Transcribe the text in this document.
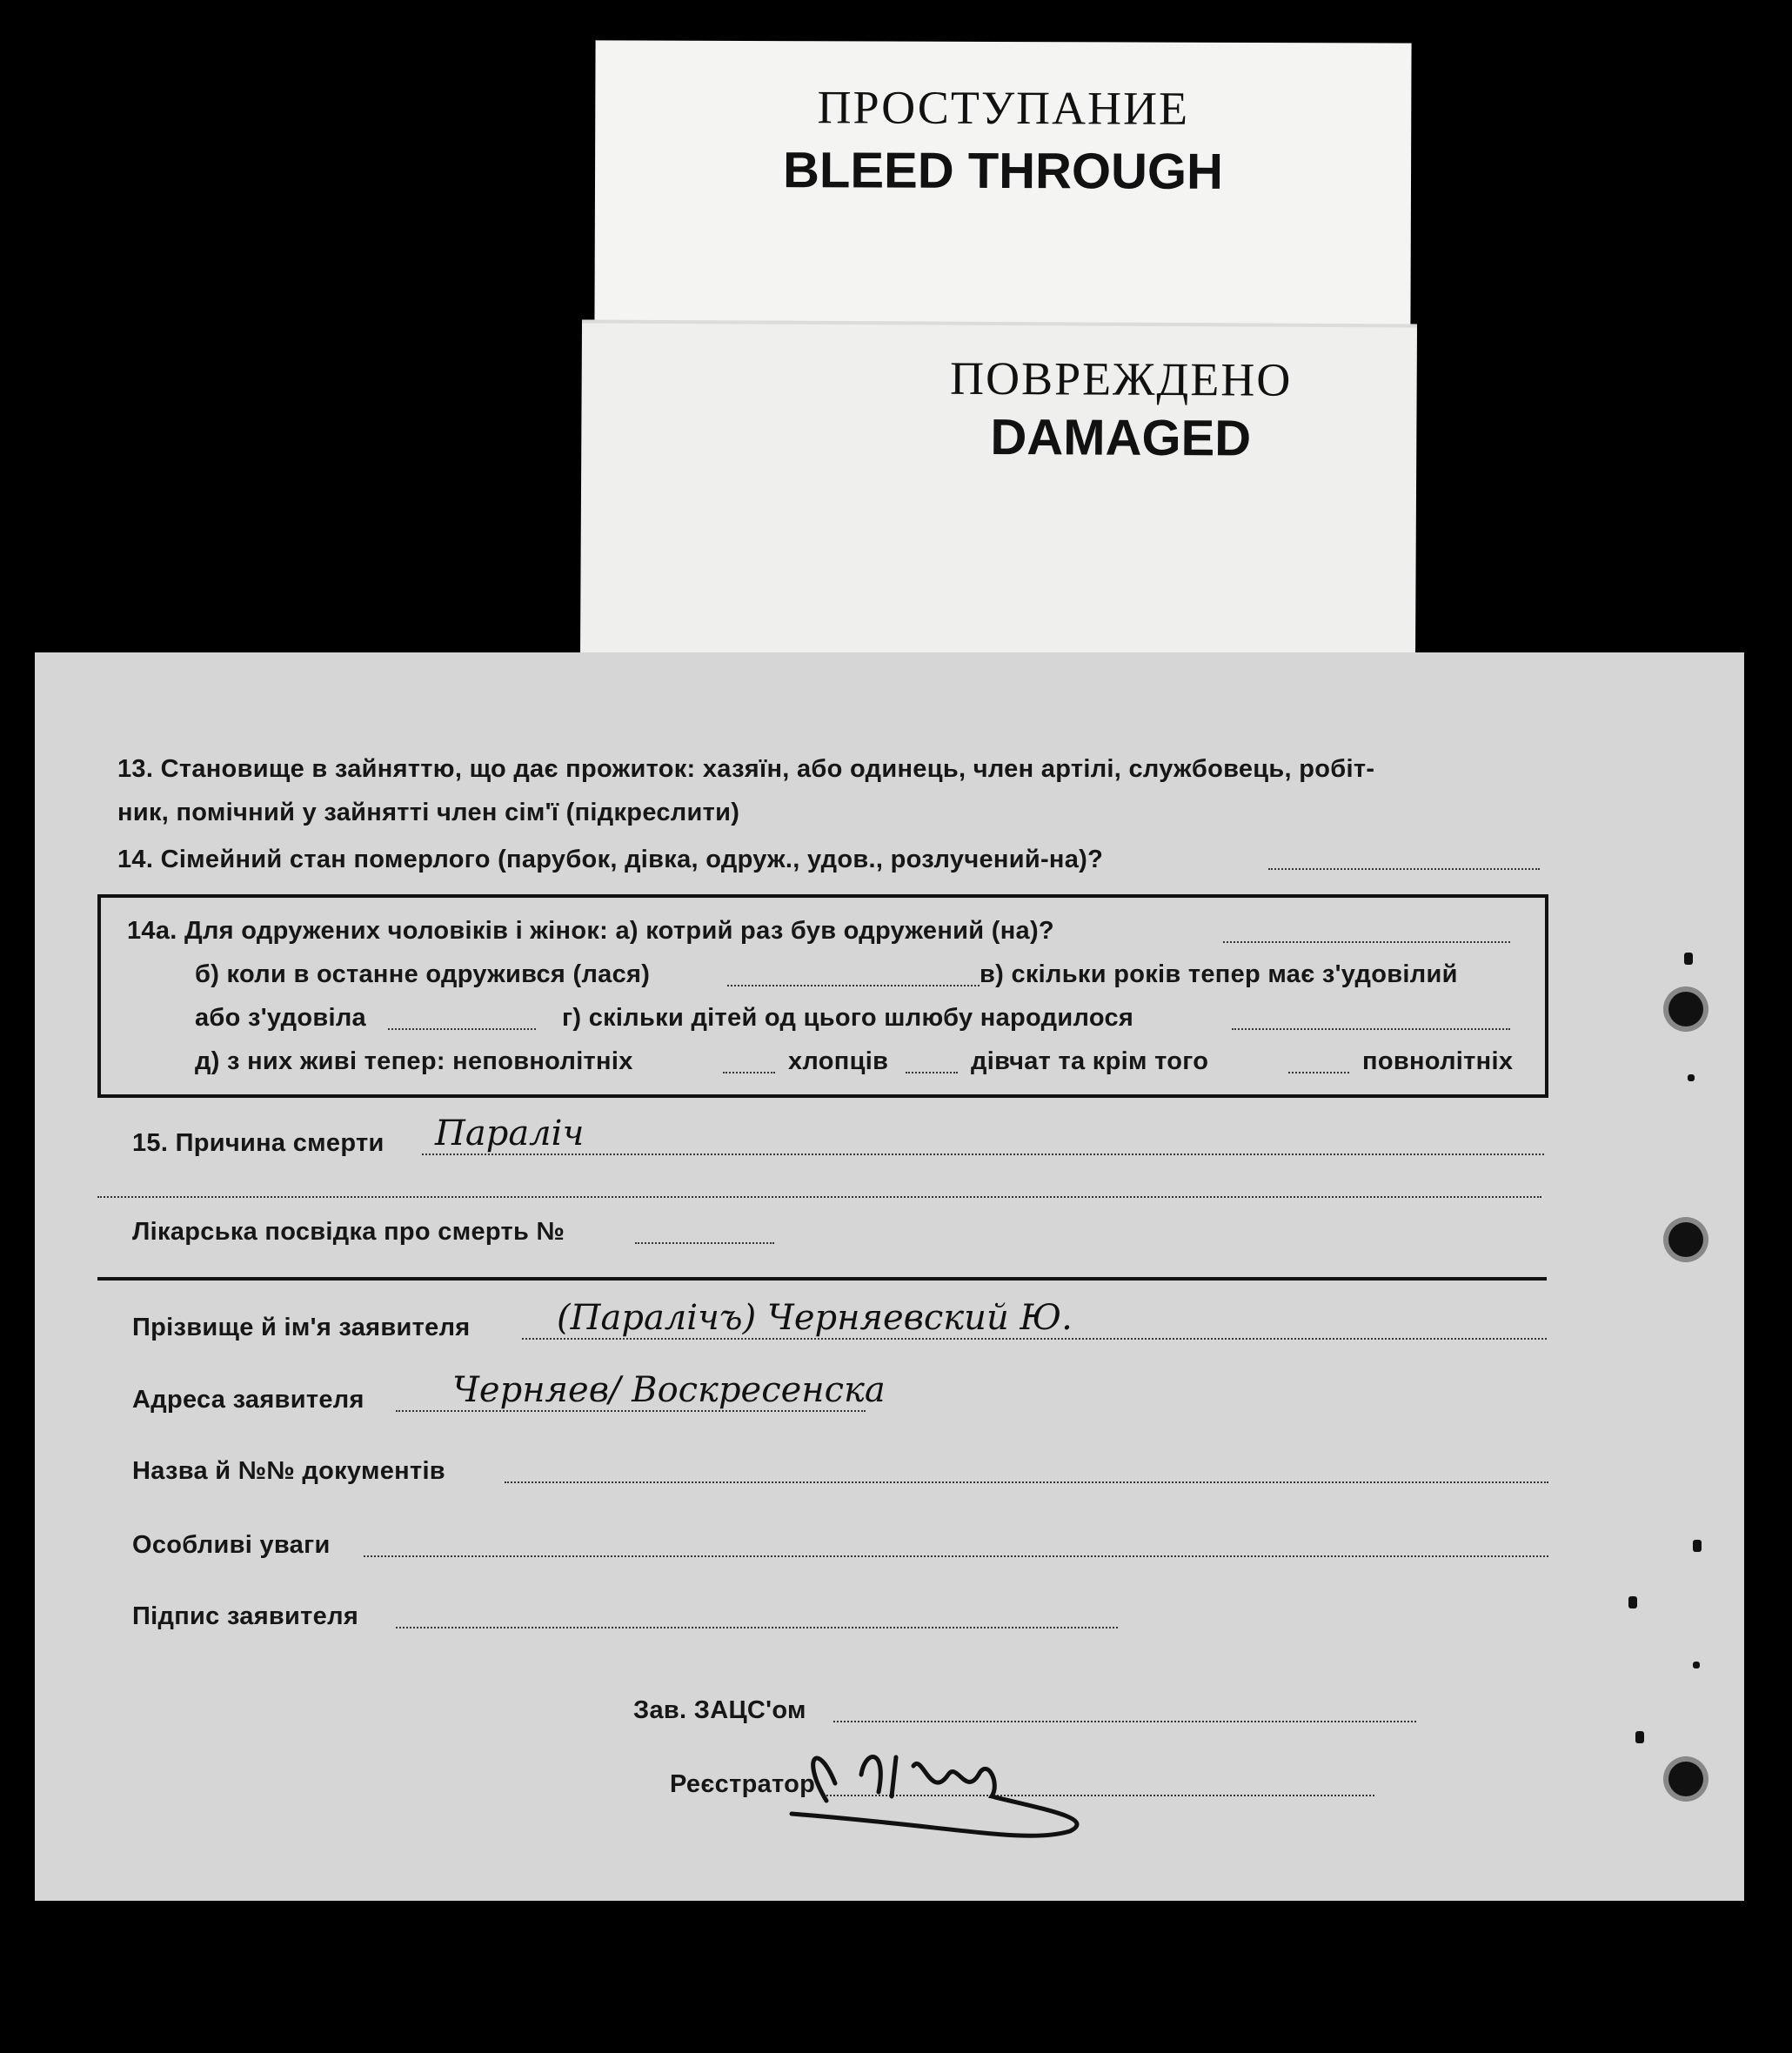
ПРОСТУПАНИЕ
BLEED THROUGH
ПОВРЕЖДЕНО
DAMAGED
13. Становище в зайняттю, що дає прожиток: хазяїн, або одинець, член артілі, службовець, робіт-
ник, помічний у зайнятті член сім'ї (підкреслити)
14. Сімейний стан померлого (парубок, дівка, одруж., удов., розлучений-на)?
14а. Для одружених чоловіків і жінок: а) котрий раз був одружений (на)?
б) коли в останне одружився (лася)	в) скільки років тепер має з'удовілий
або з'удовіла	г) скільки дітей од цього шлюбу народилося
д) з них живі тепер: неповнолітніх	хлопців	дівчат та крім того	повнолітніх
15. Причина смерти Паралiч
Лікарська посвідка про смерть №
Прізвище й ім'я заявителя (Паралiчъ) Черняевский Ю.
Адреса заявителя	Черняев/ Воскресенска
Назва й №№ документів
Особливі уваги
Підпис заявителя
Зав. ЗАЦС'ом
Реєстратор
